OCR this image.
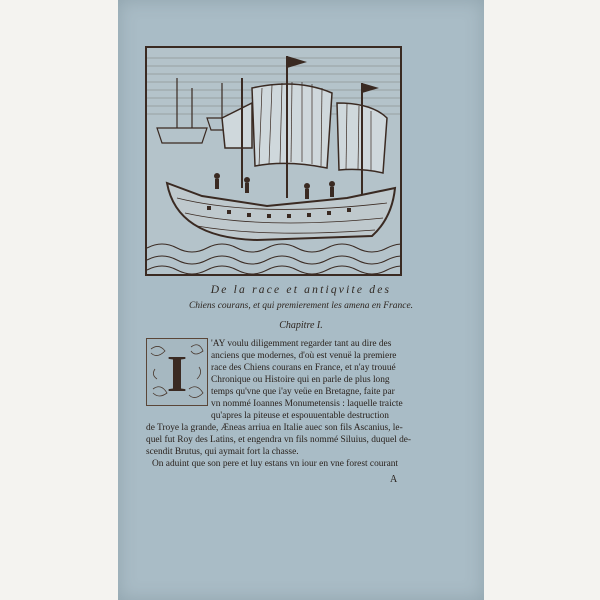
De la race et antiqvite des
Chiens courans, et qui premierement les amena en France.
Chapitre I.
I
'AY voulu diligemment regarder tant au dire des
anciens que modernes, d'où est venuë la premiere
race des Chiens courans en France, et n'ay trouué
Chronique ou Histoire qui en parle de plus long
temps qu'vne que i'ay veüe en Bretagne, faite par
vn nommé Ioannes Monumetensis : laquelle traicte
qu'apres la piteuse et espouuentable destruction
de Troye la grande, Æneas arriua en Italie auec son fils Ascanius, le-
quel fut Roy des Latins, et engendra vn fils nommé Siluius, duquel de-
scendit Brutus, qui aymait fort la chasse.
On aduint que son pere et luy estans vn iour en vne forest courant
A
